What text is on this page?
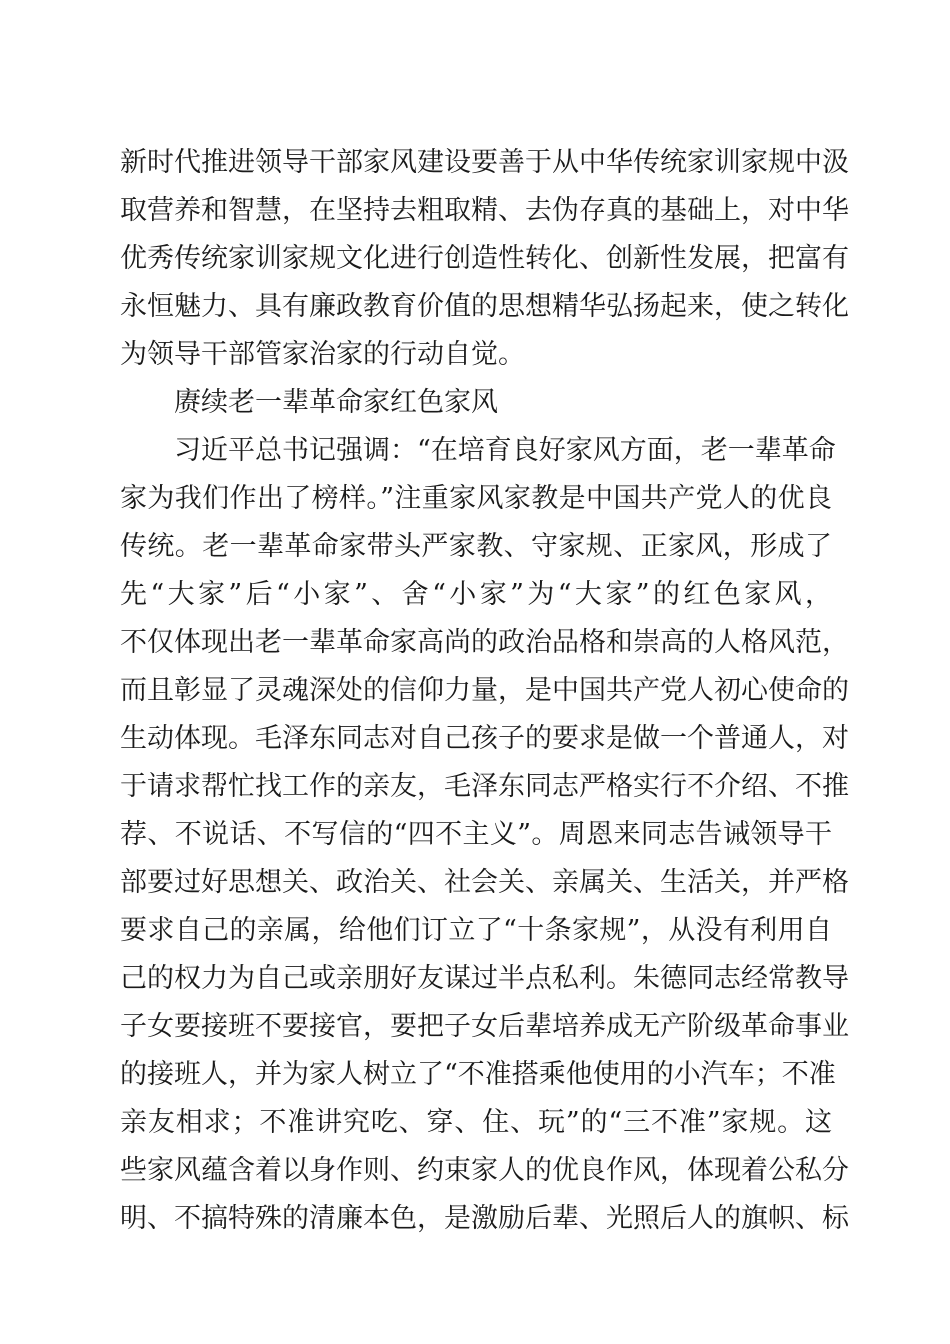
新时代推进领导干部家风建设要善于从中华传统家训家规中汲
取营养和智慧，在坚持去粗取精、去伪存真的基础上，对中华
优秀传统家训家规文化进行创造性转化、创新性发展，把富有
永恒魅力、具有廉政教育价值的思想精华弘扬起来，使之转化
为领导干部管家治家的行动自觉。
赓续老一辈革命家红色家风
习近平总书记强调：“在培育良好家风方面，老一辈革命
家为我们作出了榜样。”注重家风家教是中国共产党人的优良
传统。老一辈革命家带头严家教、守家规、正家风，形成了
先“大家”后“小家”、舍“小家”为“大家”的红色家风，
不仅体现出老一辈革命家高尚的政治品格和崇高的人格风范，
而且彰显了灵魂深处的信仰力量，是中国共产党人初心使命的
生动体现。毛泽东同志对自己孩子的要求是做一个普通人，对
于请求帮忙找工作的亲友，毛泽东同志严格实行不介绍、不推
荐、不说话、不写信的“四不主义”。周恩来同志告诫领导干
部要过好思想关、政治关、社会关、亲属关、生活关，并严格
要求自己的亲属，给他们订立了“十条家规”，从没有利用自
己的权力为自己或亲朋好友谋过半点私利。朱德同志经常教导
子女要接班不要接官，要把子女后辈培养成无产阶级革命事业
的接班人，并为家人树立了“不准搭乘他使用的小汽车；不准
亲友相求；不准讲究吃、穿、住、玩”的“三不准”家规。这
些家风蕴含着以身作则、约束家人的优良作风，体现着公私分
明、不搞特殊的清廉本色，是激励后辈、光照后人的旗帜、标
